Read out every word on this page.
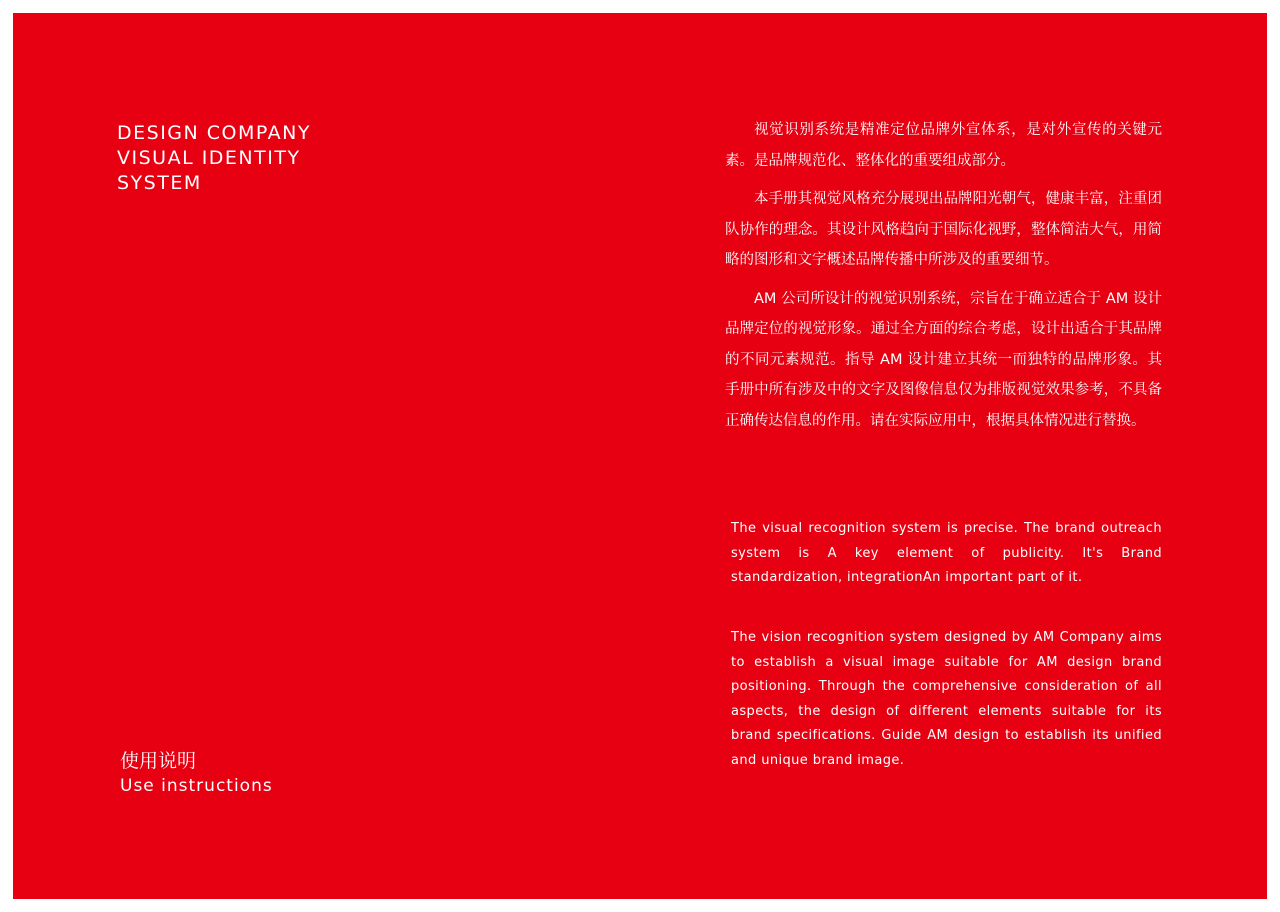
DESIGN COMPANY
VISUAL IDENTITY
SYSTEM
使用说明
Use instructions

视觉识别系统是精准定位品牌外宣体系，是对外宣传的关键元素。是品牌规范化、整体化的重要组成部分。

本手册其视觉风格充分展现出品牌阳光朝气，健康丰富，注重团队协作的理念。其设计风格趋向于国际化视野，整体简洁大气，用简略的图形和文字概述品牌传播中所涉及的重要细节。

AM 公司所设计的视觉识别系统，宗旨在于确立适合于 AM 设计品牌定位的视觉形象。通过全方面的综合考虑，设计出适合于其品牌的不同元素规范。指导 AM 设计建立其统一而独特的品牌形象。其手册中所有涉及中的文字及图像信息仅为排版视觉效果参考，不具备正确传达信息的作用。请在实际应用中，根据具体情况进行替换。

The visual recognition system is precise. The brand outreach system is A key element of publicity. It's Brand standardization, integrationAn important part of it.

The vision recognition system designed by AM Company aims to establish a visual image suitable for AM design brand positioning. Through the comprehensive consideration of all aspects, the design of different elements suitable for its brand specifications. Guide AM design to establish its unified and unique brand image.
